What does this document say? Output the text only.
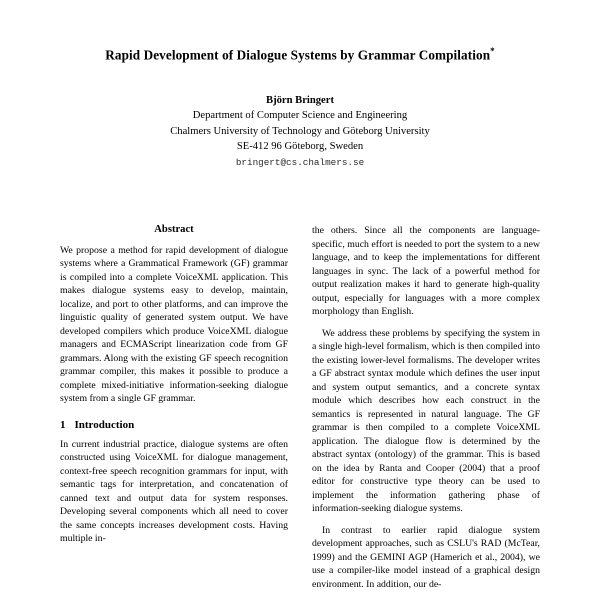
Rapid Development of Dialogue Systems by Grammar Compilation*
Björn Bringert
Department of Computer Science and Engineering
Chalmers University of Technology and Göteborg University
SE-412 96 Göteborg, Sweden
bringert@cs.chalmers.se
Abstract

We propose a method for rapid development of dialogue systems where a Grammatical Framework (GF) grammar is compiled into a complete VoiceXML application. This makes dialogue systems easy to develop, maintain, localize, and port to other platforms, and can improve the linguistic quality of generated system output. We have developed compilers which produce VoiceXML dialogue managers and ECMAScript linearization code from GF grammars. Along with the existing GF speech recognition grammar compiler, this makes it possible to produce a complete mixed-initiative information-seeking dialogue system from a single GF grammar.

1 Introduction

In current industrial practice, dialogue systems are often constructed using VoiceXML for dialogue management, context-free speech recognition grammars for input, with semantic tags for interpretation, and concatenation of canned text and output data for system responses. Developing several components which all need to cover the same concepts increases development costs. Having multiple in-

the others. Since all the components are language-specific, much effort is needed to port the system to a new language, and to keep the implementations for different languages in sync. The lack of a powerful method for output realization makes it hard to generate high-quality output, especially for languages with a more complex morphology than English.

We address these problems by specifying the system in a single high-level formalism, which is then compiled into the existing lower-level formalisms. The developer writes a GF abstract syntax module which defines the user input and system output semantics, and a concrete syntax module which describes how each construct in the semantics is represented in natural language. The GF grammar is then compiled to a complete VoiceXML application. The dialogue flow is determined by the abstract syntax (ontology) of the grammar. This is based on the idea by Ranta and Cooper (2004) that a proof editor for constructive type theory can be used to implement the information gathering phase of information-seeking dialogue systems.

In contrast to earlier rapid dialogue system development approaches, such as CSLU's RAD (McTear, 1999) and the GEMINI AGP (Hamerich et al., 2004), we use a compiler-like model instead of a graphical design environment. In addition, our de-
